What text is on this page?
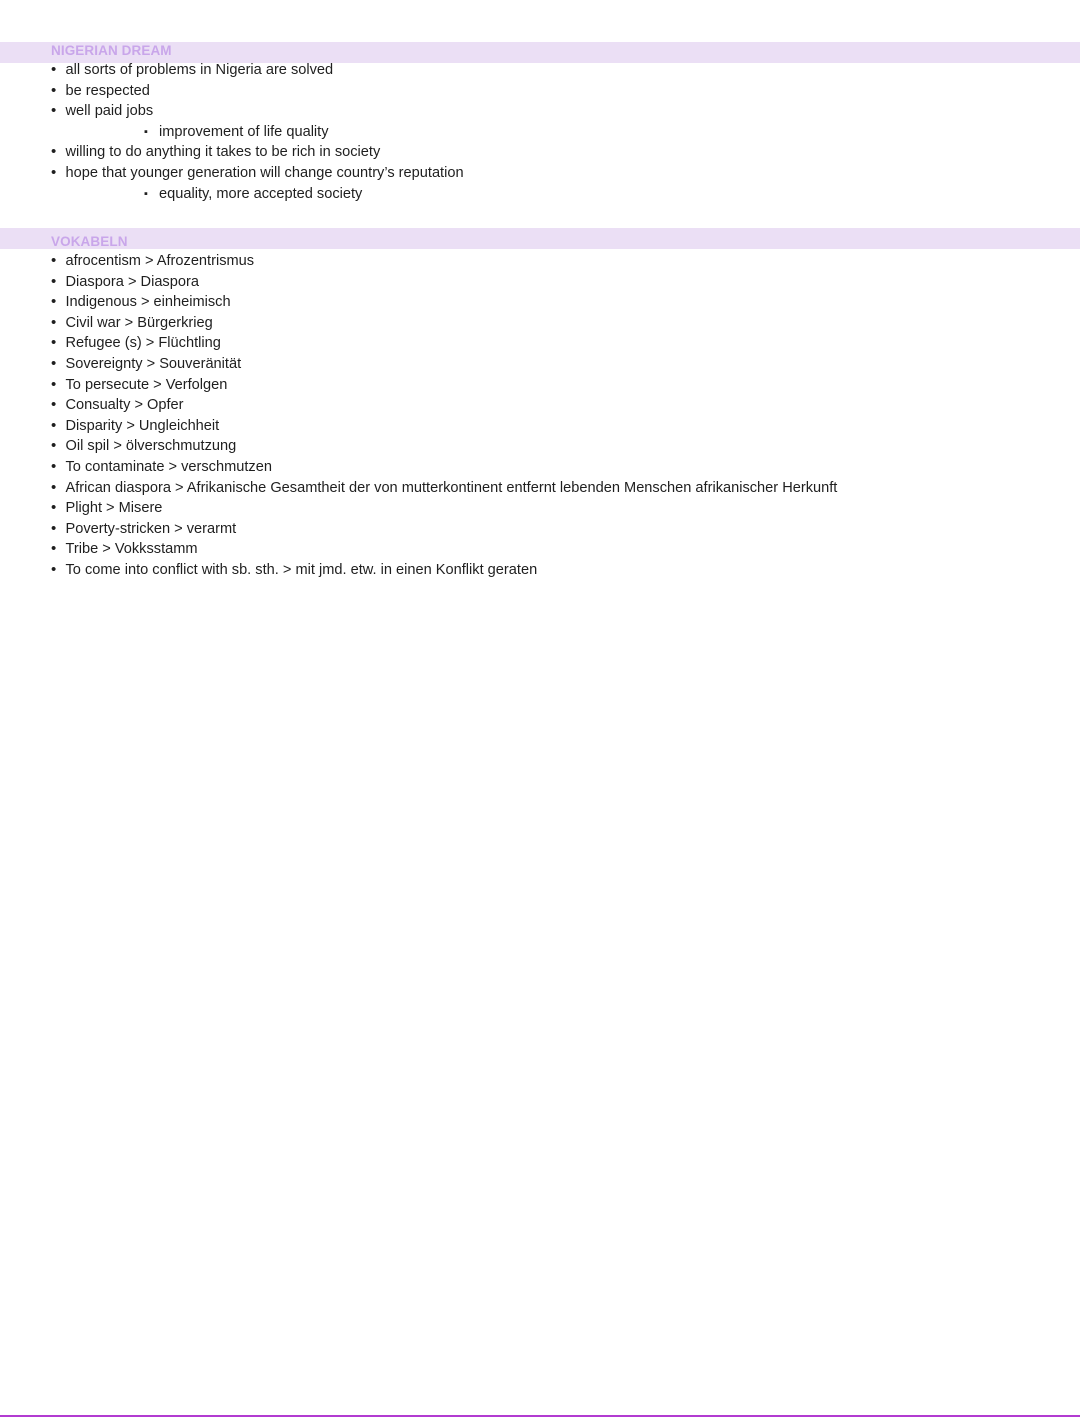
NIGERIAN DREAM
• all sorts of problems in Nigeria are solved
• be respected
• well paid jobs
▪ improvement of life quality
• willing to do anything it takes to be rich in society
• hope that younger generation will change country’s reputation
▪ equality, more accepted society
VOKABELN
• afrocentism > Afrozentrismus
• Diaspora > Diaspora
• Indigenous > einheimisch
• Civil war > Bürgerkrieg
• Refugee (s) > Flüchtling
• Sovereignty > Souveränität
• To persecute > Verfolgen
• Consualty > Opfer
• Disparity > Ungleichheit
• Oil spil > ölverschmutzung
• To contaminate > verschmutzen
• African diaspora > Afrikanische Gesamtheit der von mutterkontinent entfernt lebenden Menschen afrikanischer Herkunft
• Plight > Misere
• Poverty-stricken > verarmt
• Tribe > Vokksstamm
• To come into conflict with sb. sth. > mit jmd. etw. in einen Konflikt geraten
